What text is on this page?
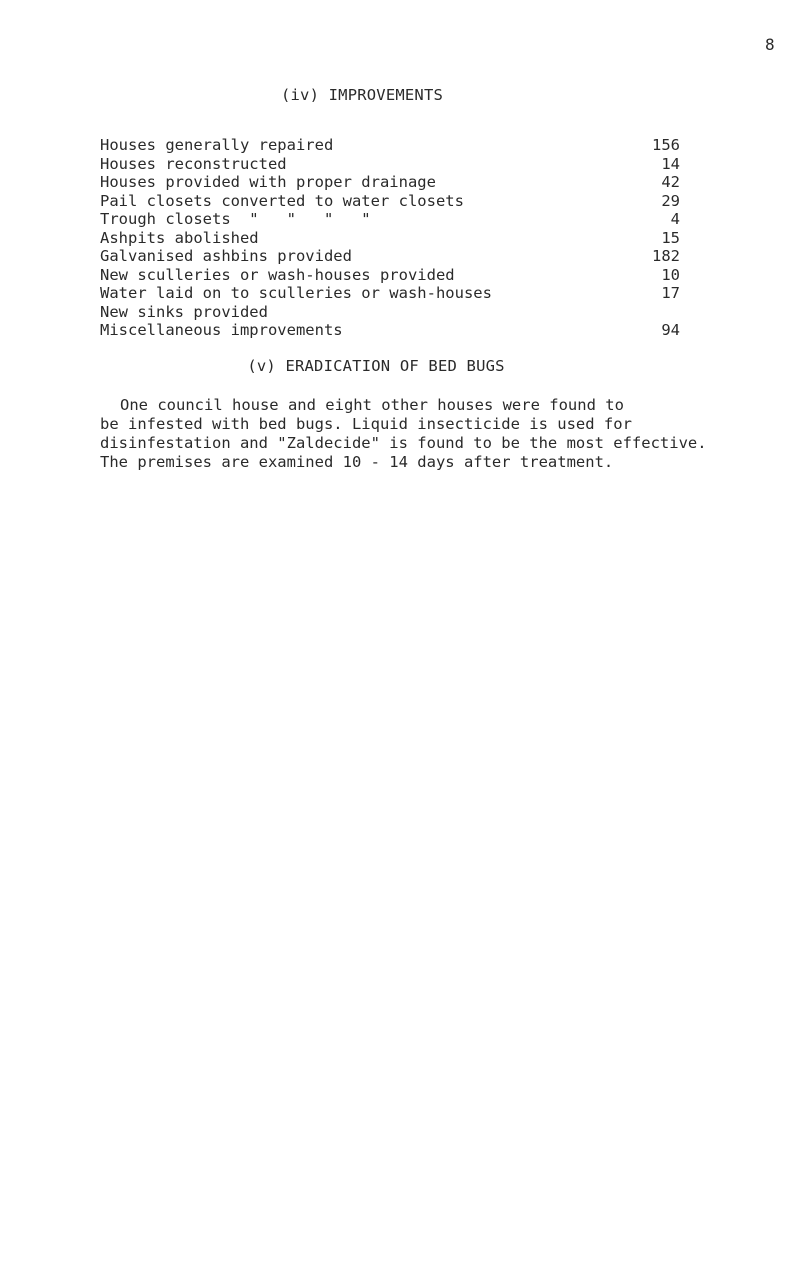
8
(iv) IMPROVEMENTS
Houses generally repaired	156
Houses reconstructed	14
Houses provided with proper drainage	42
Pail closets converted to water closets	29
Trough closets  "   "   "   "	4
Ashpits abolished	15
Galvanised ashbins provided	182
New sculleries or wash-houses provided	10
Water laid on to sculleries or wash-houses	17
New sinks provided
Miscellaneous improvements	94
(v) ERADICATION OF BED BUGS
One council house and eight other houses were found to
be infested with bed bugs. Liquid insecticide is used for
disinfestation and "Zaldecide" is found to be the most effective.
The premises are examined 10 - 14 days after treatment.
